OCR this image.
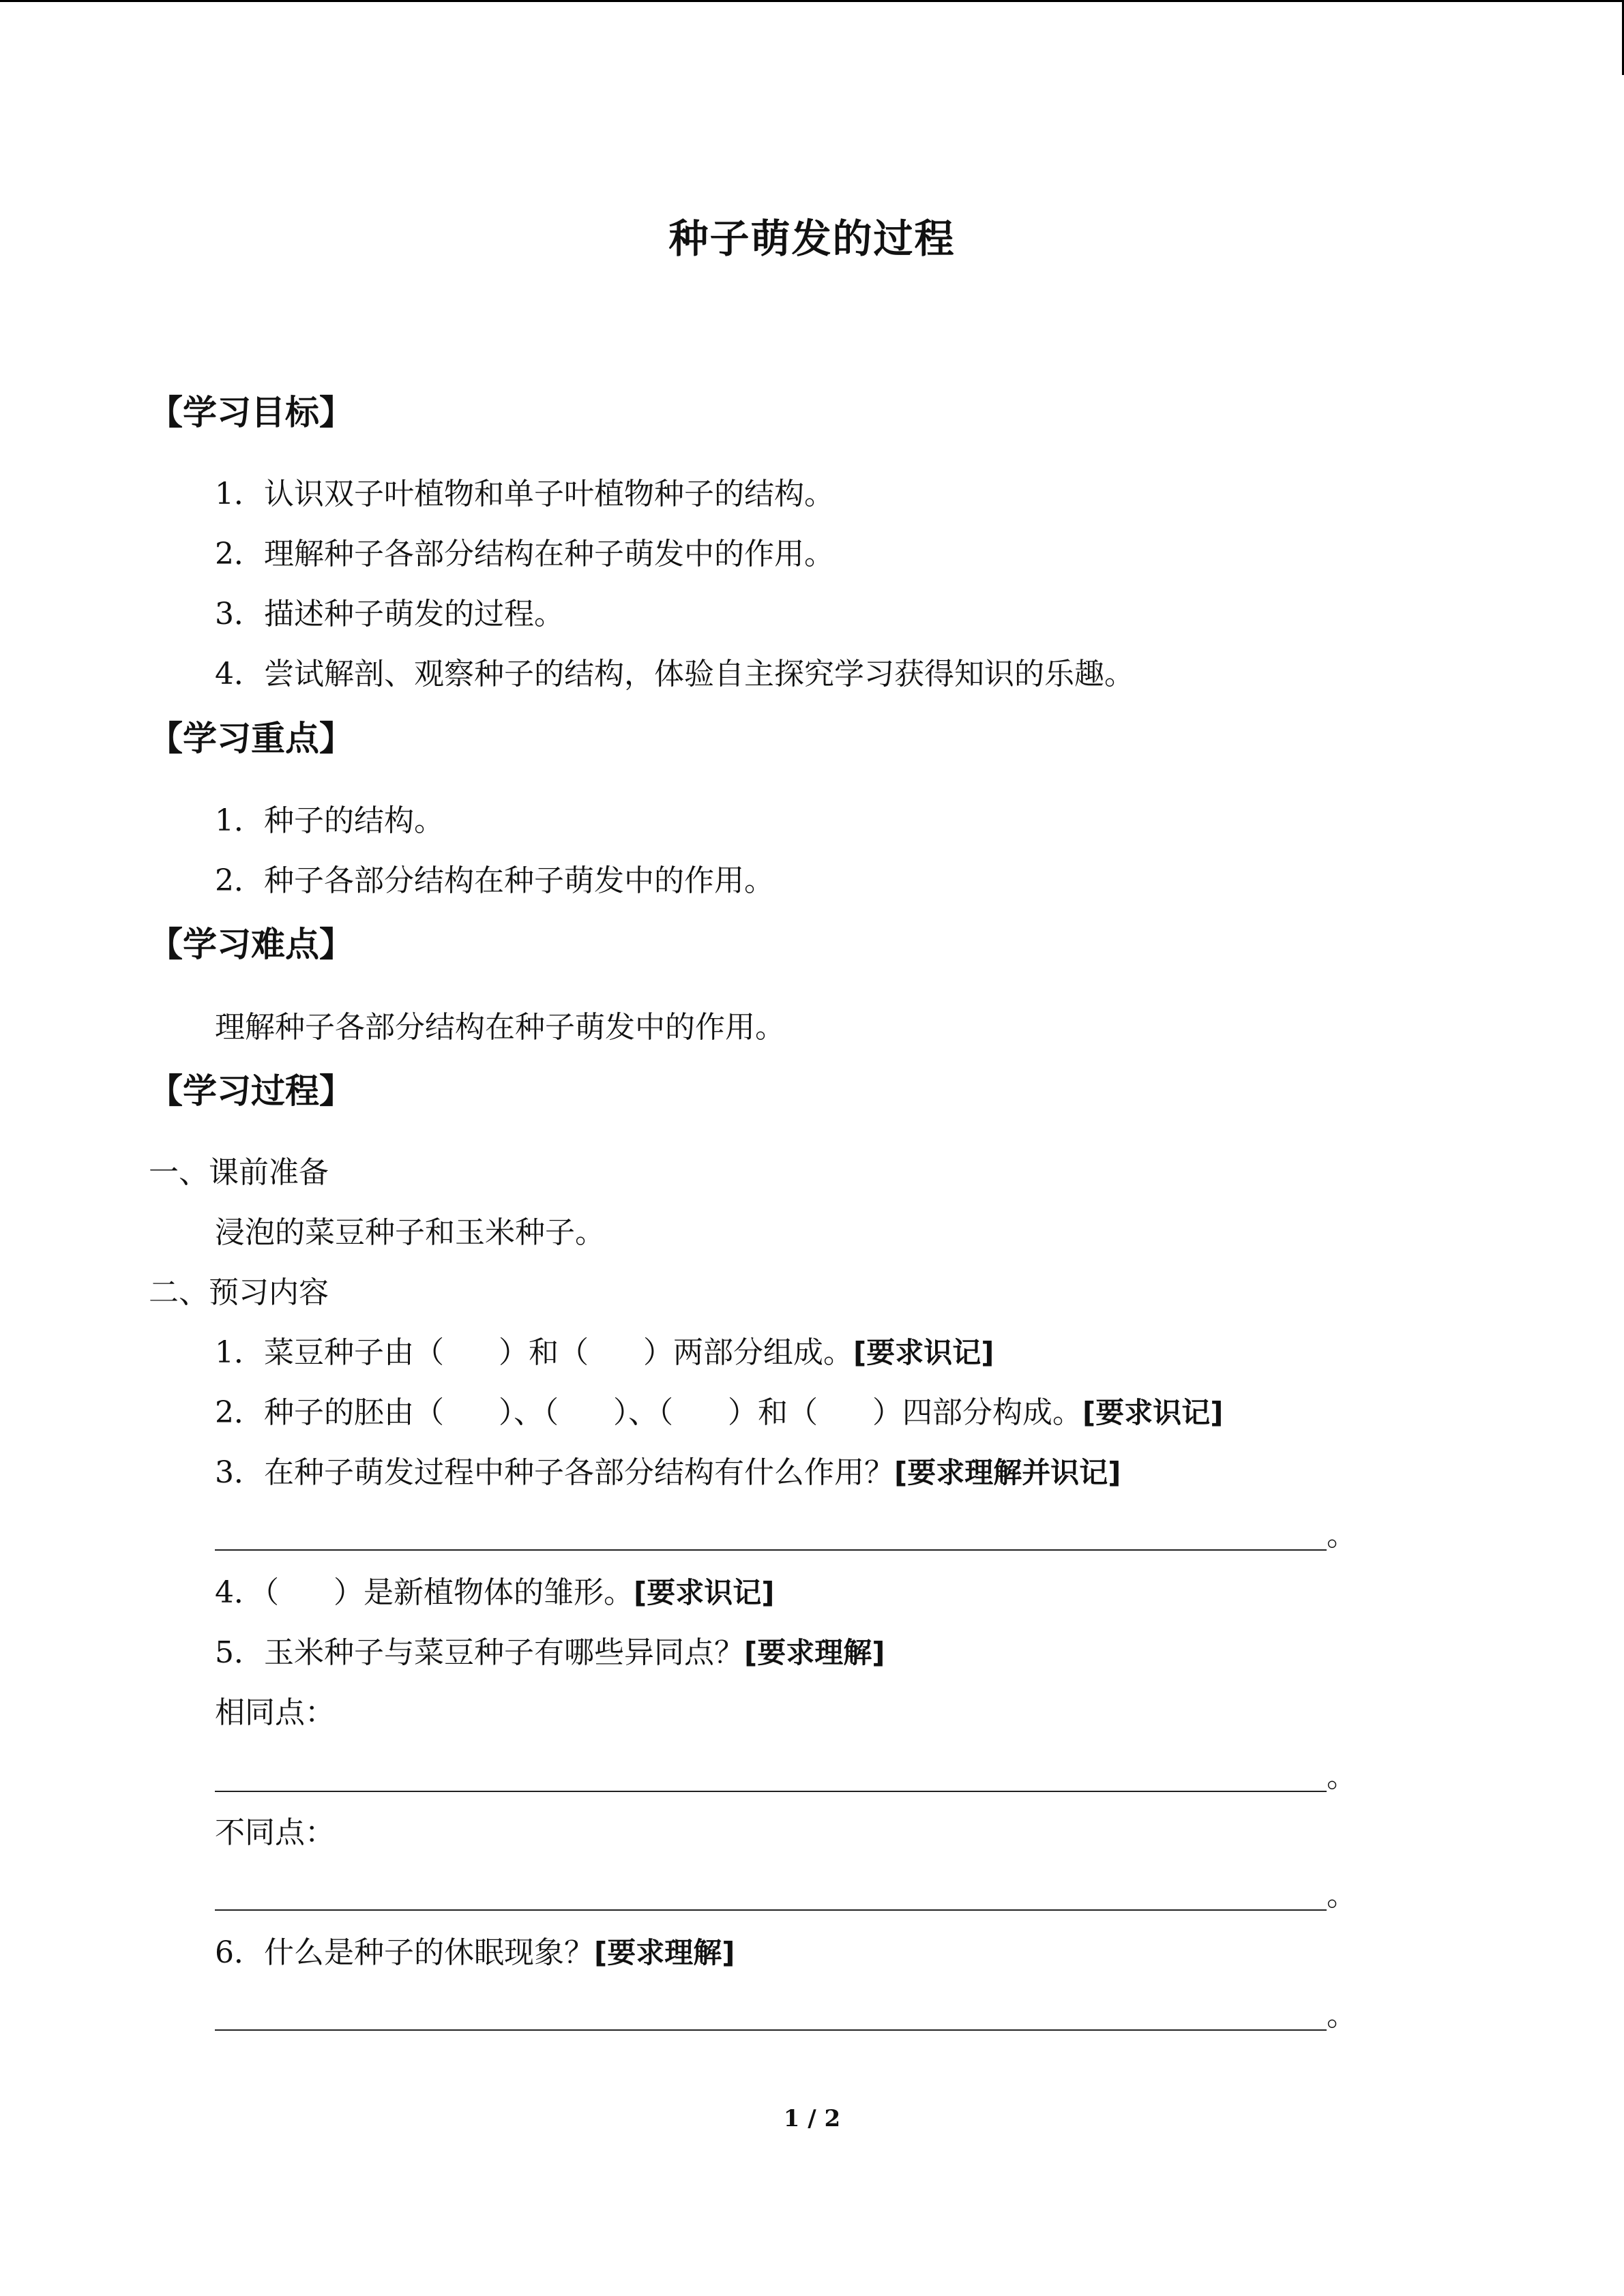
种子萌发的过程
【学习目标】
1．认识双子叶植物和单子叶植物种子的结构。
2．理解种子各部分结构在种子萌发中的作用。
3．描述种子萌发的过程。
4．尝试解剖、观察种子的结构，体验自主探究学习获得知识的乐趣。
【学习重点】
1．种子的结构。
2．种子各部分结构在种子萌发中的作用。
【学习难点】
理解种子各部分结构在种子萌发中的作用。
【学习过程】
一、课前准备
浸泡的菜豆种子和玉米种子。
二、预习内容
1．菜豆种子由（ ）和（ ）两部分组成。[要求识记]
2．种子的胚由（ ）、（ ）、（ ）和（ ）四部分构成。[要求识记]
3．在种子萌发过程中种子各部分结构有什么作用？[要求理解并识记]
。
4．（ ）是新植物体的雏形。[要求识记]
5．玉米种子与菜豆种子有哪些异同点？[要求理解]
相同点：
。
不同点：
。
6．什么是种子的休眠现象？[要求理解]
。
1 / 2
